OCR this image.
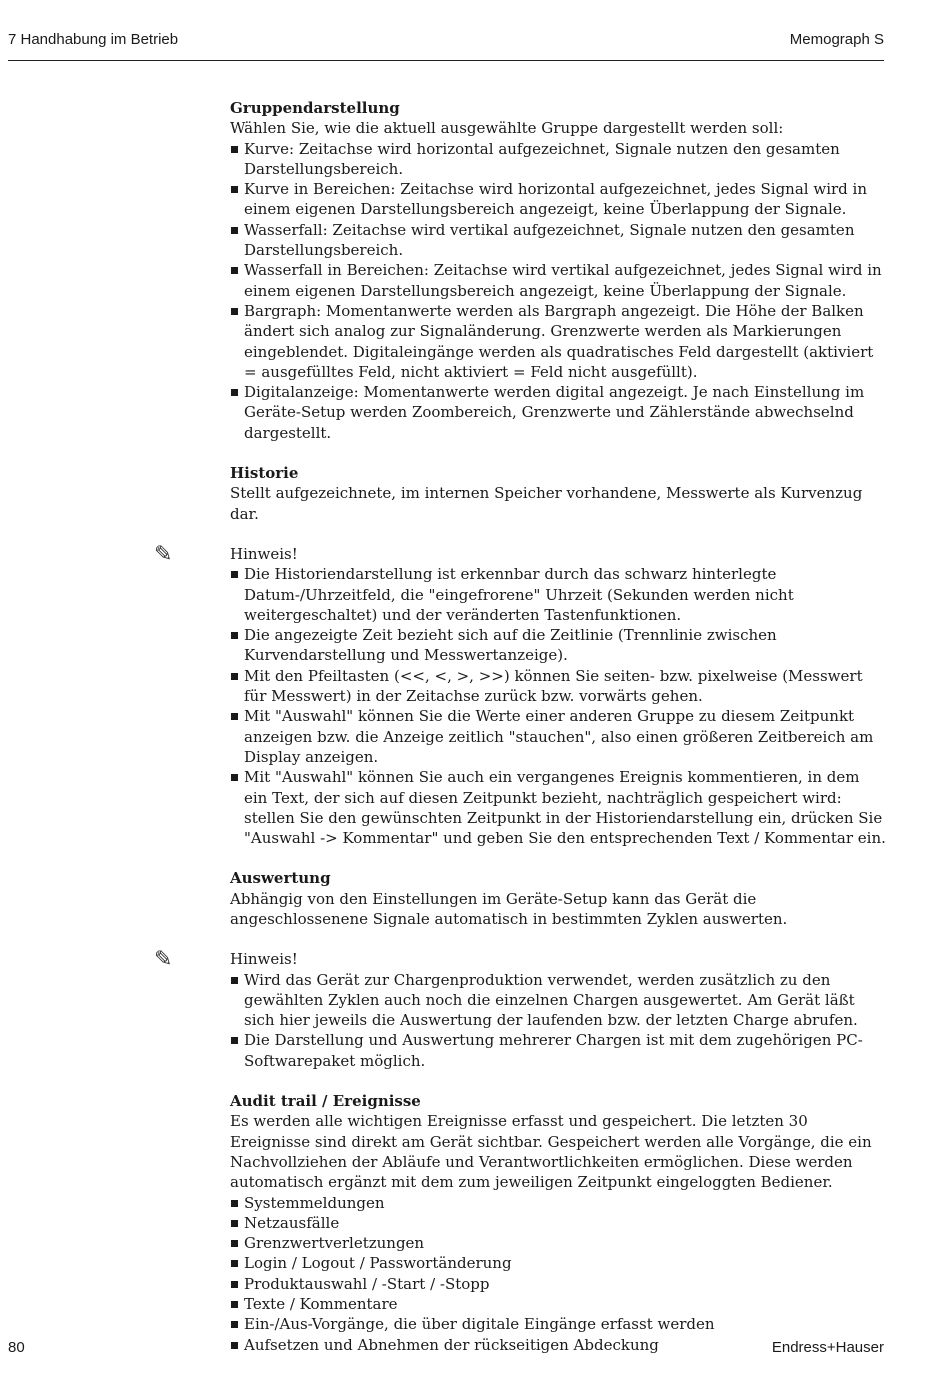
7 Handhabung im Betrieb	Memograph S

Gruppendarstellung

Wählen Sie, wie die aktuell ausgewählte Gruppe dargestellt werden soll:

Kurve: Zeitachse wird horizontal aufgezeichnet, Signale nutzen den gesamten Darstellungsbereich.
Kurve in Bereichen: Zeitachse wird horizontal aufgezeichnet, jedes Signal wird in einem eigenen Darstellungsbereich angezeigt, keine Überlappung der Signale.
Wasserfall: Zeitachse wird vertikal aufgezeichnet, Signale nutzen den gesamten Darstellungsbereich.
Wasserfall in Bereichen: Zeitachse wird vertikal aufgezeichnet, jedes Signal wird in einem eigenen Darstellungsbereich angezeigt, keine Überlappung der Signale.
Bargraph: Momentanwerte werden als Bargraph angezeigt. Die Höhe der Balken ändert sich analog zur Signaländerung. Grenzwerte werden als Markierungen eingeblendet. Digitaleingänge werden als quadratisches Feld dargestellt (aktiviert = ausgefülltes Feld, nicht aktiviert = Feld nicht ausgefüllt).
Digitalanzeige: Momentanwerte werden digital angezeigt. Je nach Einstellung im Geräte-Setup werden Zoombereich, Grenzwerte und Zählerstände abwechselnd dargestellt.

Historie

Stellt aufgezeichnete, im internen Speicher vorhandene, Messwerte als Kurvenzug dar.

✎	Hinweis!

Die Historiendarstellung ist erkennbar durch das schwarz hinterlegte Datum-/Uhrzeitfeld, die "eingefrorene" Uhrzeit (Sekunden werden nicht weitergeschaltet) und der veränderten Tastenfunktionen.
Die angezeigte Zeit bezieht sich auf die Zeitlinie (Trennlinie zwischen Kurvendarstellung und Messwertanzeige).
Mit den Pfeiltasten (<<, <, >, >>) können Sie seiten- bzw. pixelweise (Messwert für Messwert) in der Zeitachse zurück bzw. vorwärts gehen.
Mit "Auswahl" können Sie die Werte einer anderen Gruppe zu diesem Zeitpunkt anzeigen bzw. die Anzeige zeitlich "stauchen", also einen größeren Zeitbereich am Display anzeigen.
Mit "Auswahl" können Sie auch ein vergangenes Ereignis kommentieren, in dem ein Text, der sich auf diesen Zeitpunkt bezieht, nachträglich gespeichert wird: stellen Sie den gewünschten Zeitpunkt in der Historiendarstellung ein, drücken Sie "Auswahl -> Kommentar" und geben Sie den entsprechenden Text / Kommentar ein.

Auswertung

Abhängig von den Einstellungen im Geräte-Setup kann das Gerät die angeschlossenene Signale automatisch in bestimmten Zyklen auswerten.

✎	Hinweis!

Wird das Gerät zur Chargenproduktion verwendet, werden zusätzlich zu den gewählten Zyklen auch noch die einzelnen Chargen ausgewertet. Am Gerät läßt sich hier jeweils die Auswertung der laufenden bzw. der letzten Charge abrufen.
Die Darstellung und Auswertung mehrerer Chargen ist mit dem zugehörigen PC-Softwarepaket möglich.

Audit trail / Ereignisse

Es werden alle wichtigen Ereignisse erfasst und gespeichert. Die letzten 30 Ereignisse sind direkt am Gerät sichtbar. Gespeichert werden alle Vorgänge, die ein Nachvollziehen der Abläufe und Verantwortlichkeiten ermöglichen. Diese werden automatisch ergänzt mit dem zum jeweiligen Zeitpunkt eingeloggten Bediener.

Systemmeldungen
Netzausfälle
Grenzwertverletzungen
Login / Logout / Passwortänderung
Produktauswahl / -Start / -Stopp
Texte / Kommentare
Ein-/Aus-Vorgänge, die über digitale Eingänge erfasst werden
Aufsetzen und Abnehmen der rückseitigen Abdeckung
80	Endress+Hauser
